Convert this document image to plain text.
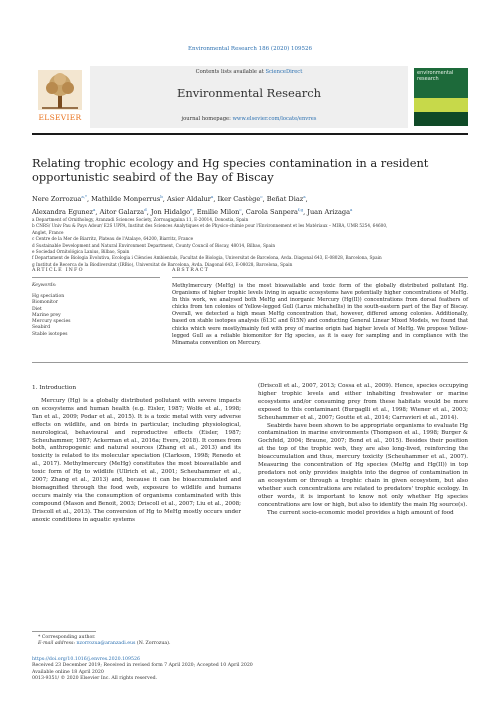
Environmental Research 186 (2020) 109526
ELSEVIER
Contents lists available at ScienceDirect
Environmental Research
journal homepage: www.elsevier.com/locate/envres
environmental research
Relating trophic ecology and Hg species contamination in a resident opportunistic seabird of the Bay of Biscay
Nere Zorrozua$^{a,*}$, Mathilde Monperrus$^b$, Asier Aldalur$^a$, Iker Castège$^c$, Beñat Diaz$^a$,
Alexandra Egunez$^a$, Aitor Galarza$^d$, Jon Hidalgo$^e$, Emilie Milon$^c$, Carola Sanpera$^{f,g}$, Juan Arizaga$^a$
a Department of Ornithology, Aranzadi Sciences Society, Zorroagagaina 11, E-20014, Donostia, Spain
b CNRS/ Univ Pau & Pays Adour/ E2S UPPA, Institut des Sciences Analytiques et de Physico-chimie pour l'Environnement et les Matériaux – MIRA, UMR 5254, 64600,
Anglet, France
c Centre de la Mer de Biarritz, Plateau de l'Atalaye, 64200, Biarritz, France
d Sustainable Development and Natural Environment Department, County Council of Biscay, 48014, Bilbao, Spain
e Sociedad Ornitológica Lanius, Bilbao, Spain
f Departament de Biologia Evolutiva, Ecologia i Ciències Ambientals, Facultat de Biologia, Universitat de Barcelona, Avda. Diagonal 643, E-08028, Barcelona, Spain
g Institut de Recerca de la Biodiversitat (IRBio), Universitat de Barcelona, Avda. Diagonal 643, E-08028, Barcelona, Spain
ARTICLE INFO	ABSTRACT
Keywords:
Hg speciation
Biomonitor
Diet
Marine prey
Mercury species
Seabird
Stable isotopes
Methylmercury (MeHg) is the most bioavailable and toxic form of the globally distributed pollutant Hg. Organisms of higher trophic levels living in aquatic ecosystems have potentially higher concentrations of MeHg. In this work, we analysed both MeHg and inorganic Mercury (Hg(II)) concentrations from dorsal feathers of chicks from ten colonies of Yellow-legged Gull (Larus michahellis) in the south-eastern part of the Bay of Biscay. Overall, we detected a high mean MeHg concentration that, however, differed among colonies. Additionally, based on stable isotopes analysis (δ13C and δ15N) and conducting General Linear Mixed Models, we found that chicks which were mostly/mainly fed with prey of marine origin had higher levels of MeHg. We propose Yellow-legged Gull as a reliable biomonitor for Hg species, as it is easy for sampling and in compliance with the Minamata convention on Mercury.
1. Introduction

Mercury (Hg) is a globally distributed pollutant with severe impacts on ecosystems and human health (e.g. Eisler, 1987; Wolfe et al., 1998; Tan et al., 2009; Podar et al., 2015). It is a toxic metal with very adverse effects on wildlife, and on birds in particular, including physiological, neurological, behavioural and reproductive effects (Eisler, 1987; Scheuhammer, 1987; Ackerman et al., 2016a; Evers, 2018). It comes from both, anthropogenic and natural sources (Zhang et al., 2013) and its toxicity is related to its molecular speciation (Clarkson, 1998; Renedo et al., 2017). Methylmercury (MeHg) constitutes the most bioavailable and toxic form of Hg to wildlife (Ullrich et al., 2001; Scheuhammer et al., 2007; Zhang et al., 2013) and, because it can be bioaccumulated and biomagnified through the food web, exposure to wildlife and humans occurs mainly via the consumption of organisms contaminated with this compound (Mason and Benoit, 2003; Driscoll et al., 2007; Liu et al., 2008; Driscoll et al., 2013). The conversion of Hg to MeHg mostly occurs under anoxic conditions in aquatic systems

(Driscoll et al., 2007, 2013; Cossa et al., 2009). Hence, species occupying higher trophic levels and either inhabiting freshwater or marine ecosystems and/or consuming prey from these habitats would be more exposed to this contaminant (Burgaglli et al., 1998; Wiener et al., 2003; Scheuhammer et al., 2007; Goutte et al., 2014; Carravieri et al., 2014).

Seabirds have been shown to be appropriate organisms to evaluate Hg contamination in marine environments (Thompson et al., 1998; Burger & Gochfeld, 2004; Braune, 2007; Bond et al., 2015). Besides their position at the top of the trophic web, they are also long-lived, reinforcing the bioaccumulation and thus, mercury toxicity (Scheuhammer et al., 2007). Measuring the concentration of Hg species (MeHg and Hg(II)) in top predators not only provides insights into the degree of contamination in an ecosystem or through a trophic chain in given ecosystem, but also whether such concentrations are related to predators' trophic ecology. In other words, it is important to know not only whether Hg species concentrations are low or high, but also to identify the main Hg source(s).

The current socio-economic model provides a high amount of food

* Corresponding author.
E-mail address: nzorrozua@aranzadi.eus (N. Zorrozua).
https://doi.org/10.1016/j.envres.2020.109526
Received 23 December 2019; Received in revised form 7 April 2020; Accepted 10 April 2020
Available online 18 April 2020
0013-9351/ © 2020 Elsevier Inc. All rights reserved.
